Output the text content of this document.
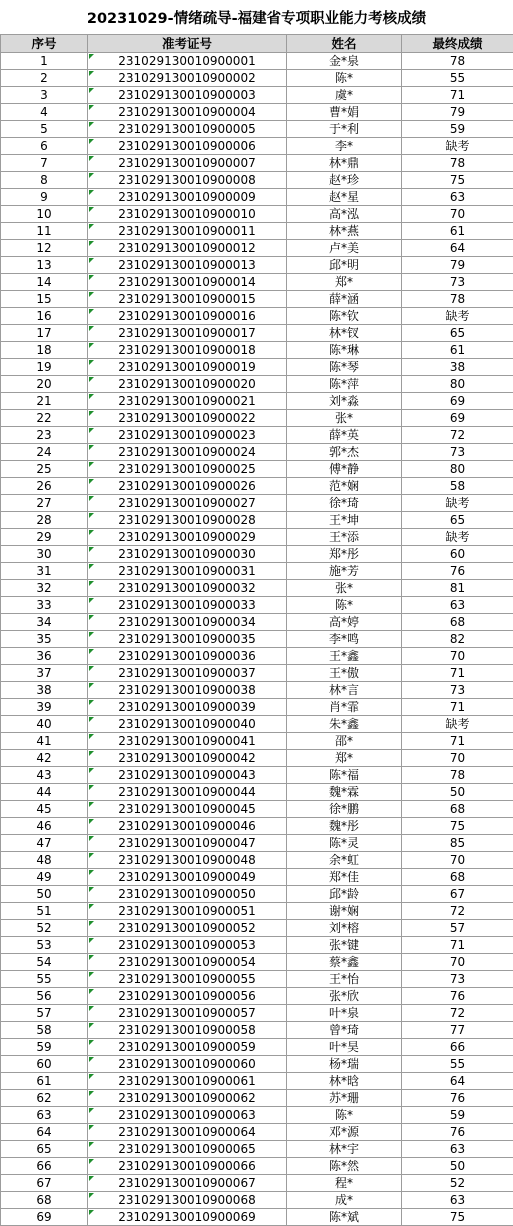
20231029-情绪疏导-福建省专项职业能力考核成绩
序号	准考证号	姓名	最终成绩
1	231029130010900001	金*泉	78
2	231029130010900002	陈*	55
3	231029130010900003	虞*	71
4	231029130010900004	曹*娟	79
5	231029130010900005	于*利	59
6	231029130010900006	李*	缺考
7	231029130010900007	林*鼎	78
8	231029130010900008	赵*珍	75
9	231029130010900009	赵*星	63
10	231029130010900010	高*泓	70
11	231029130010900011	林*燕	61
12	231029130010900012	卢*美	64
13	231029130010900013	邱*明	79
14	231029130010900014	郑*	73
15	231029130010900015	薛*涵	78
16	231029130010900016	陈*钦	缺考
17	231029130010900017	林*钗	65
18	231029130010900018	陈*琳	61
19	231029130010900019	陈*琴	38
20	231029130010900020	陈*萍	80
21	231029130010900021	刘*淼	69
22	231029130010900022	张*	69
23	231029130010900023	薛*英	72
24	231029130010900024	郭*杰	73
25	231029130010900025	傅*静	80
26	231029130010900026	范*娴	58
27	231029130010900027	徐*琦	缺考
28	231029130010900028	王*坤	65
29	231029130010900029	王*添	缺考
30	231029130010900030	郑*彤	60
31	231029130010900031	施*芳	76
32	231029130010900032	张*	81
33	231029130010900033	陈*	63
34	231029130010900034	高*婷	68
35	231029130010900035	李*鸣	82
36	231029130010900036	王*鑫	70
37	231029130010900037	王*傲	71
38	231029130010900038	林*言	73
39	231029130010900039	肖*霏	71
40	231029130010900040	朱*鑫	缺考
41	231029130010900041	邵*	71
42	231029130010900042	郑*	70
43	231029130010900043	陈*福	78
44	231029130010900044	魏*霖	50
45	231029130010900045	徐*鹏	68
46	231029130010900046	魏*彤	75
47	231029130010900047	陈*灵	85
48	231029130010900048	余*虹	70
49	231029130010900049	郑*佳	68
50	231029130010900050	邱*龄	67
51	231029130010900051	谢*娴	72
52	231029130010900052	刘*榕	57
53	231029130010900053	张*键	71
54	231029130010900054	蔡*鑫	70
55	231029130010900055	王*怡	73
56	231029130010900056	张*欣	76
57	231029130010900057	叶*泉	72
58	231029130010900058	曾*琦	77
59	231029130010900059	叶*昊	66
60	231029130010900060	杨*瑞	55
61	231029130010900061	林*晗	64
62	231029130010900062	苏*珊	76
63	231029130010900063	陈*	59
64	231029130010900064	邓*源	76
65	231029130010900065	林*宇	63
66	231029130010900066	陈*然	50
67	231029130010900067	程*	52
68	231029130010900068	成*	63
69	231029130010900069	陈*斌	75
